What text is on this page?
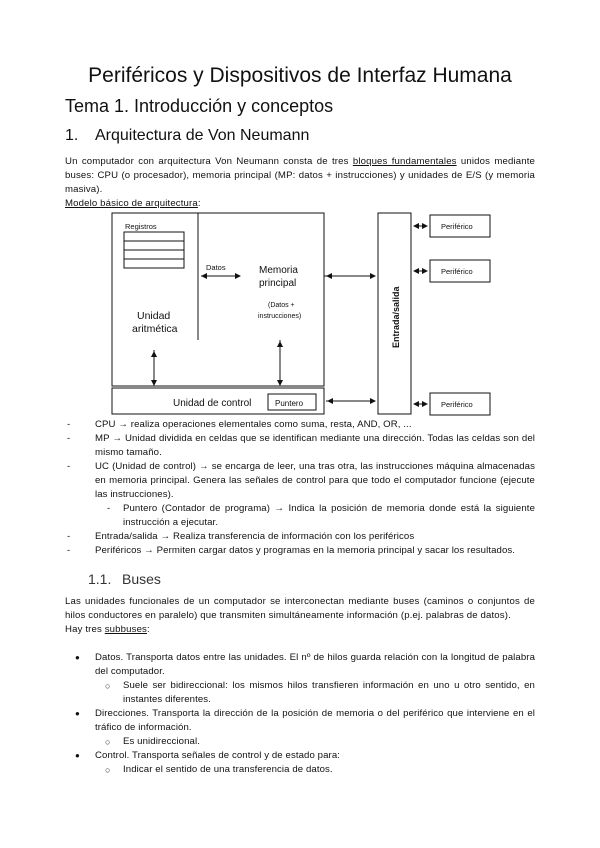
Periféricos y Dispositivos de Interfaz Humana
Tema 1. Introducción y conceptos
1. Arquitectura de Von Neumann
Un computador con arquitectura Von Neumann consta de tres bloques fundamentales unidos mediante buses: CPU (o procesador), memoria principal (MP: datos + instrucciones) y unidades de E/S (y memoria masiva).
Modelo básico de arquitectura:
Registros
Datos	Memoria
principal
(Datos +
instrucciones)
Unidad
aritmética	Entrada/salida
Periférico
Periférico
Periférico
Unidad de control	Puntero
- CPU → realiza operaciones elementales como suma, resta, AND, OR, ...
- MP → Unidad dividida en celdas que se identifican mediante una dirección. Todas las celdas son del mismo tamaño.
- UC (Unidad de control) → se encarga de leer, una tras otra, las instrucciones máquina almacenadas en memoria principal. Genera las señales de control para que todo el computador funcione (ejecute las instrucciones).
- Puntero (Contador de programa) → Indica la posición de memoria donde está la siguiente instrucción a ejecutar.
- Entrada/salida → Realiza transferencia de información con los periféricos
- Periféricos → Permiten cargar datos y programas en la memoria principal y sacar los resultados.
1.1. Buses
Las unidades funcionales de un computador se interconectan mediante buses (caminos o conjuntos de hilos conductores en paralelo) que transmiten simultáneamente información (p.ej. palabras de datos).
Hay tres subbuses:
● Datos. Transporta datos entre las unidades. El nº de hilos guarda relación con la longitud de palabra del computador.
○ Suele ser bidireccional: los mismos hilos transfieren información en uno u otro sentido, en instantes diferentes.
● Direcciones. Transporta la dirección de la posición de memoria o del periférico que interviene en el tráfico de información.
○ Es unidireccional.
● Control. Transporta señales de control y de estado para:
○ Indicar el sentido de una transferencia de datos.
